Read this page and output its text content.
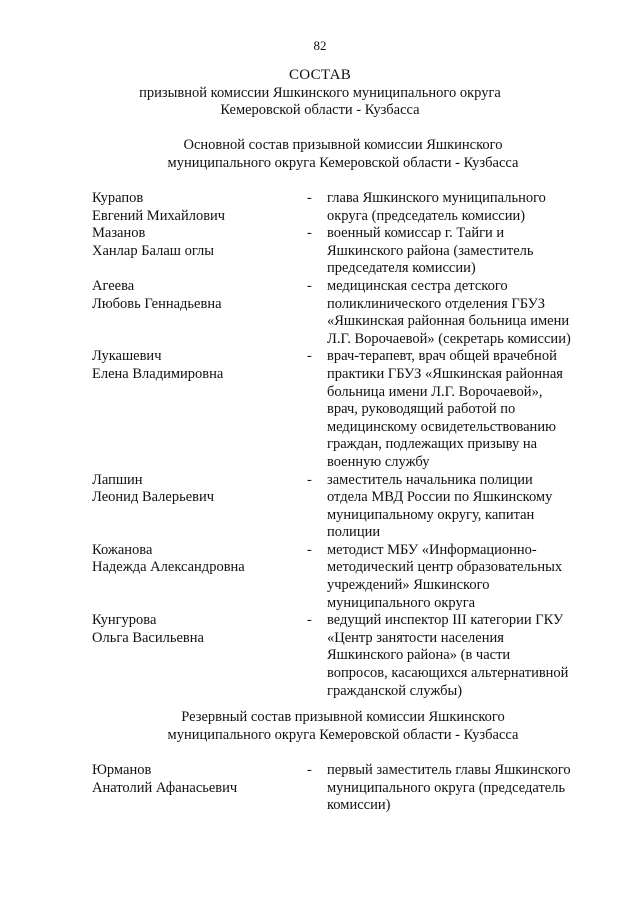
82
СОСТАВ
призывной комиссии Яшкинского муниципального округа
Кемеровской области - Кузбасса
Основной состав призывной комиссии Яшкинского
муниципального округа Кемеровской области - Кузбасса
Курапов
Евгений Михайлович
- глава Яшкинского муниципального
округа (председатель комиссии)
Мазанов
Ханлар Балаш оглы
- военный комиссар г. Тайги и
Яшкинского района (заместитель
председателя комиссии)
Агеева
Любовь Геннадьевна
- медицинская сестра детского
поликлинического отделения ГБУЗ
«Яшкинская районная больница имени
Л.Г. Ворочаевой» (секретарь комиссии)
Лукашевич
Елена Владимировна
- врач-терапевт, врач общей врачебной
практики ГБУЗ «Яшкинская районная
больница имени Л.Г. Ворочаевой»,
врач, руководящий работой по
медицинскому освидетельствованию
граждан, подлежащих призыву на
военную службу
Лапшин
Леонид Валерьевич
- заместитель начальника полиции
отдела МВД России по Яшкинскому
муниципальному округу, капитан
полиции
Кожанова
Надежда Александровна
- методист МБУ «Информационно-
методический центр образовательных
учреждений» Яшкинского
муниципального округа
Кунгурова
Ольга Васильевна
- ведущий инспектор III категории ГКУ
«Центр занятости населения
Яшкинского района» (в части
вопросов, касающихся альтернативной
гражданской службы)
Резервный состав призывной комиссии Яшкинского
муниципального округа Кемеровской области - Кузбасса
Юрманов
Анатолий Афанасьевич
- первый заместитель главы Яшкинского
муниципального округа (председатель
комиссии)
